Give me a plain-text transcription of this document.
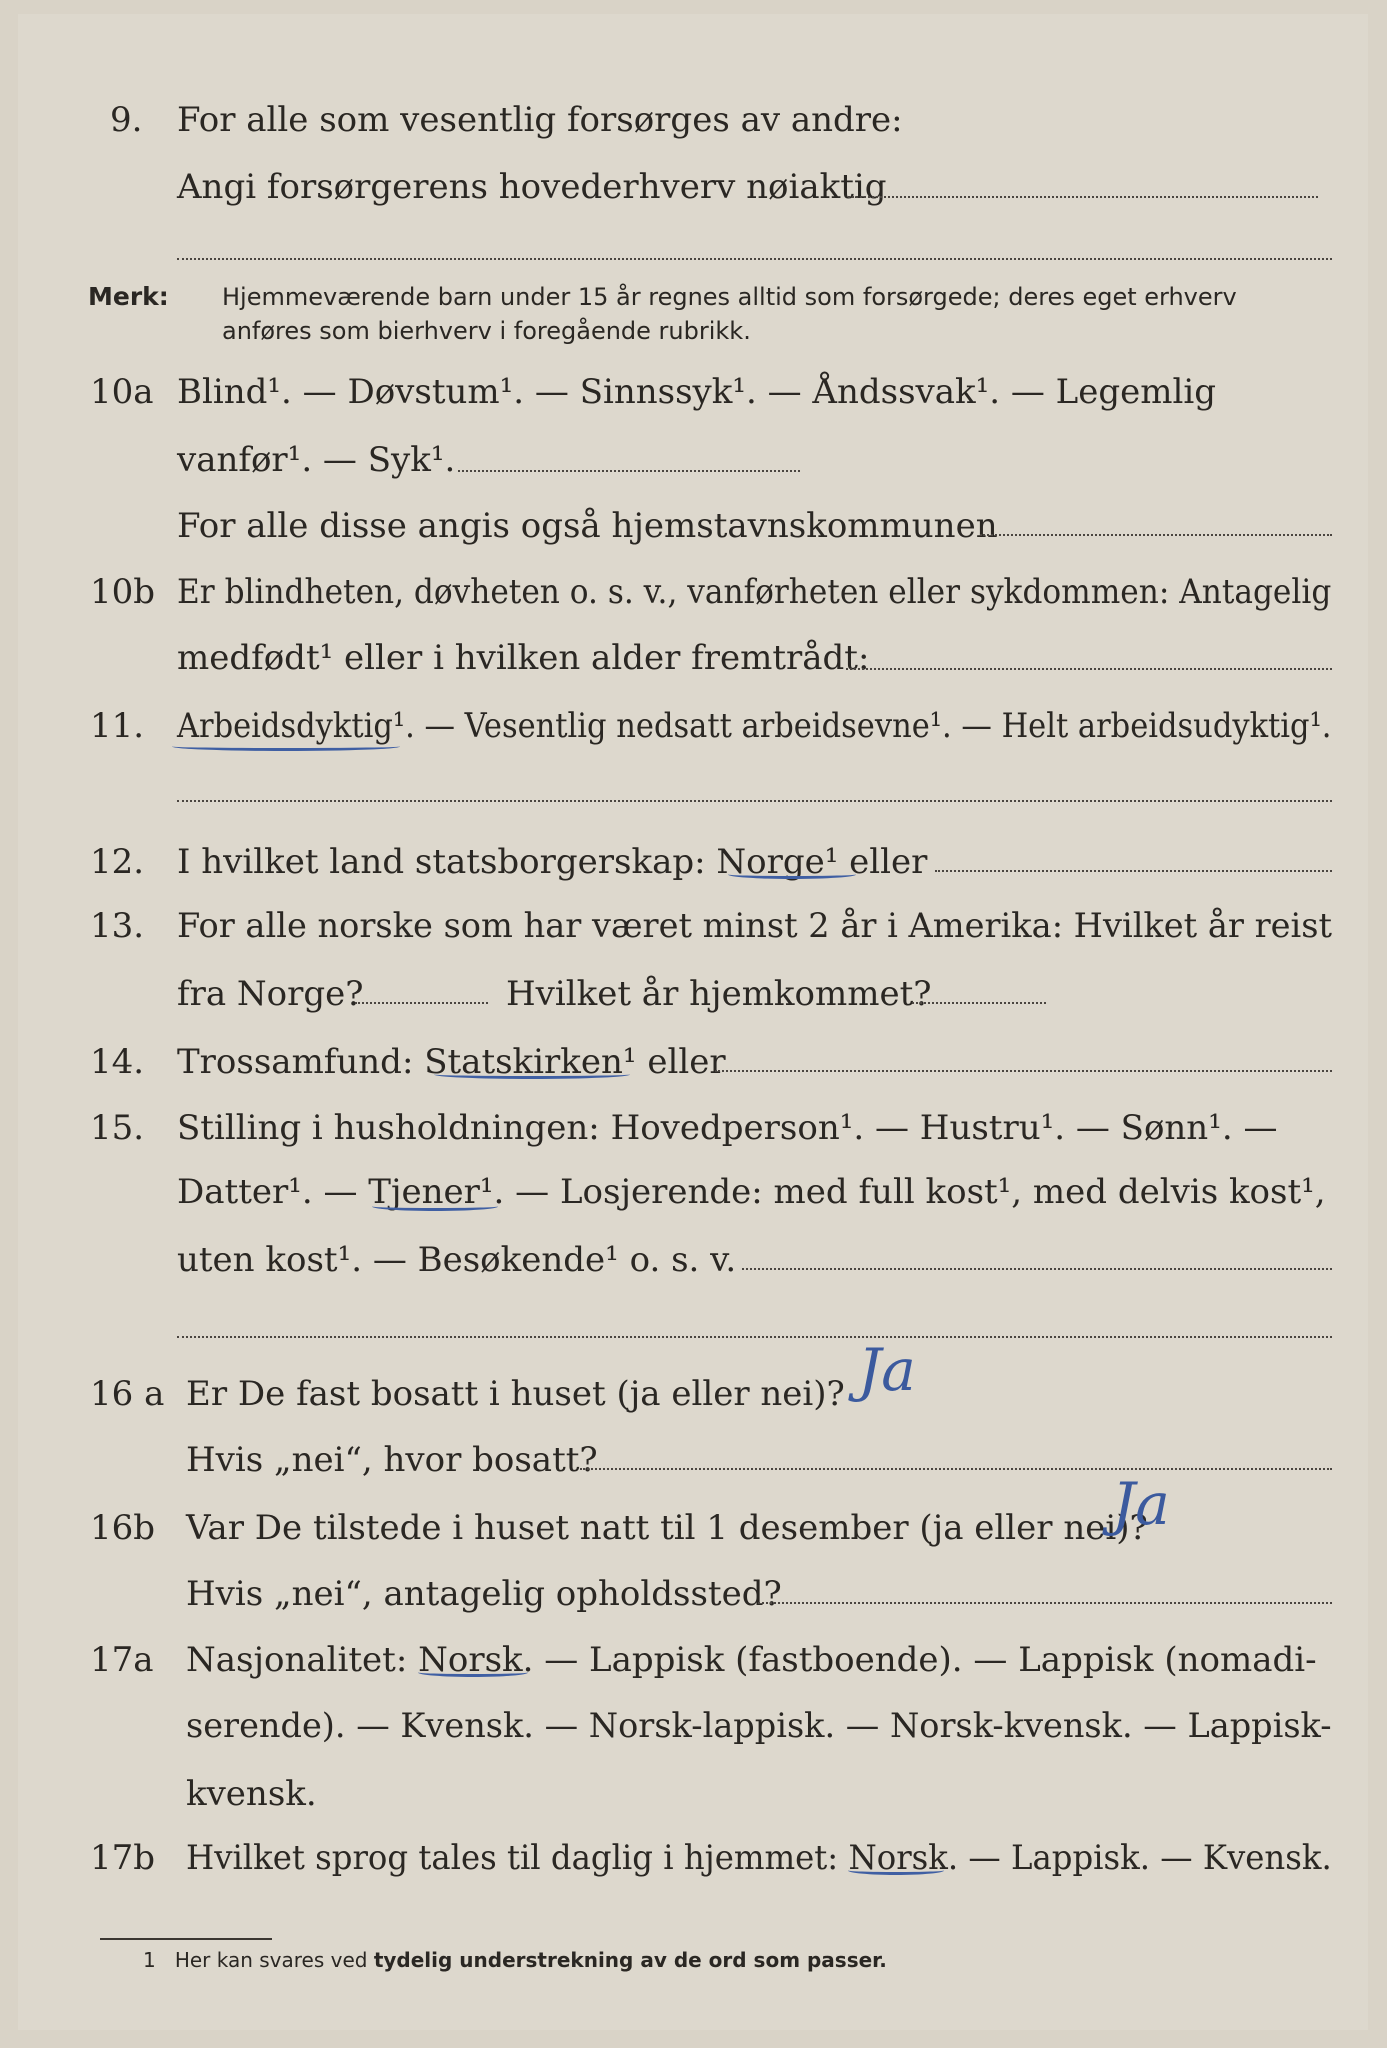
9. For alle som vesentlig forsørges av andre:
Angi forsørgerens hovederhverv nøiaktig
Merk: Hjemmeværende barn under 15 år regnes alltid som forsørgede; deres eget erhverv
anføres som bierhverv i foregående rubrikk.
10a Blind¹. — Døvstum¹. — Sinnssyk¹. — Åndssvak¹. — Legemlig
vanfør¹. — Syk¹.
For alle disse angis også hjemstavnskommunen
10b Er blindheten, døvheten o. s. v., vanførheten eller sykdommen: Antagelig
medfødt¹ eller i hvilken alder fremtrådt:
11. Arbeidsdyktig¹. — Vesentlig nedsatt arbeidsevne¹. — Helt arbeidsudyktig¹.
12. I hvilket land statsborgerskap: Norge¹ eller
13. For alle norske som har været minst 2 år i Amerika: Hvilket år reist
fra Norge?	Hvilket år hjemkommet?
14. Trossamfund: Statskirken¹ eller
15. Stilling i husholdningen: Hovedperson¹. — Hustru¹. — Sønn¹. —
Datter¹. — Tjener¹. — Losjerende: med full kost¹, med delvis kost¹,
uten kost¹. — Besøkende¹ o. s. v.
16 a Er De fast bosatt i huset (ja eller nei)? Ja
Hvis „nei“, hvor bosatt?
16b Var De tilstede i huset natt til 1 desember (ja eller nei)?
Ja
Hvis „nei“, antagelig opholdssted?
17a Nasjonalitet: Norsk. — Lappisk (fastboende). — Lappisk (nomadi-
serende). — Kvensk. — Norsk-lappisk. — Norsk-kvensk. — Lappisk-
kvensk.
17b Hvilket sprog tales til daglig i hjemmet: Norsk. — Lappisk. — Kvensk.
1 Her kan svares ved tydelig understrekning av de ord som passer.
